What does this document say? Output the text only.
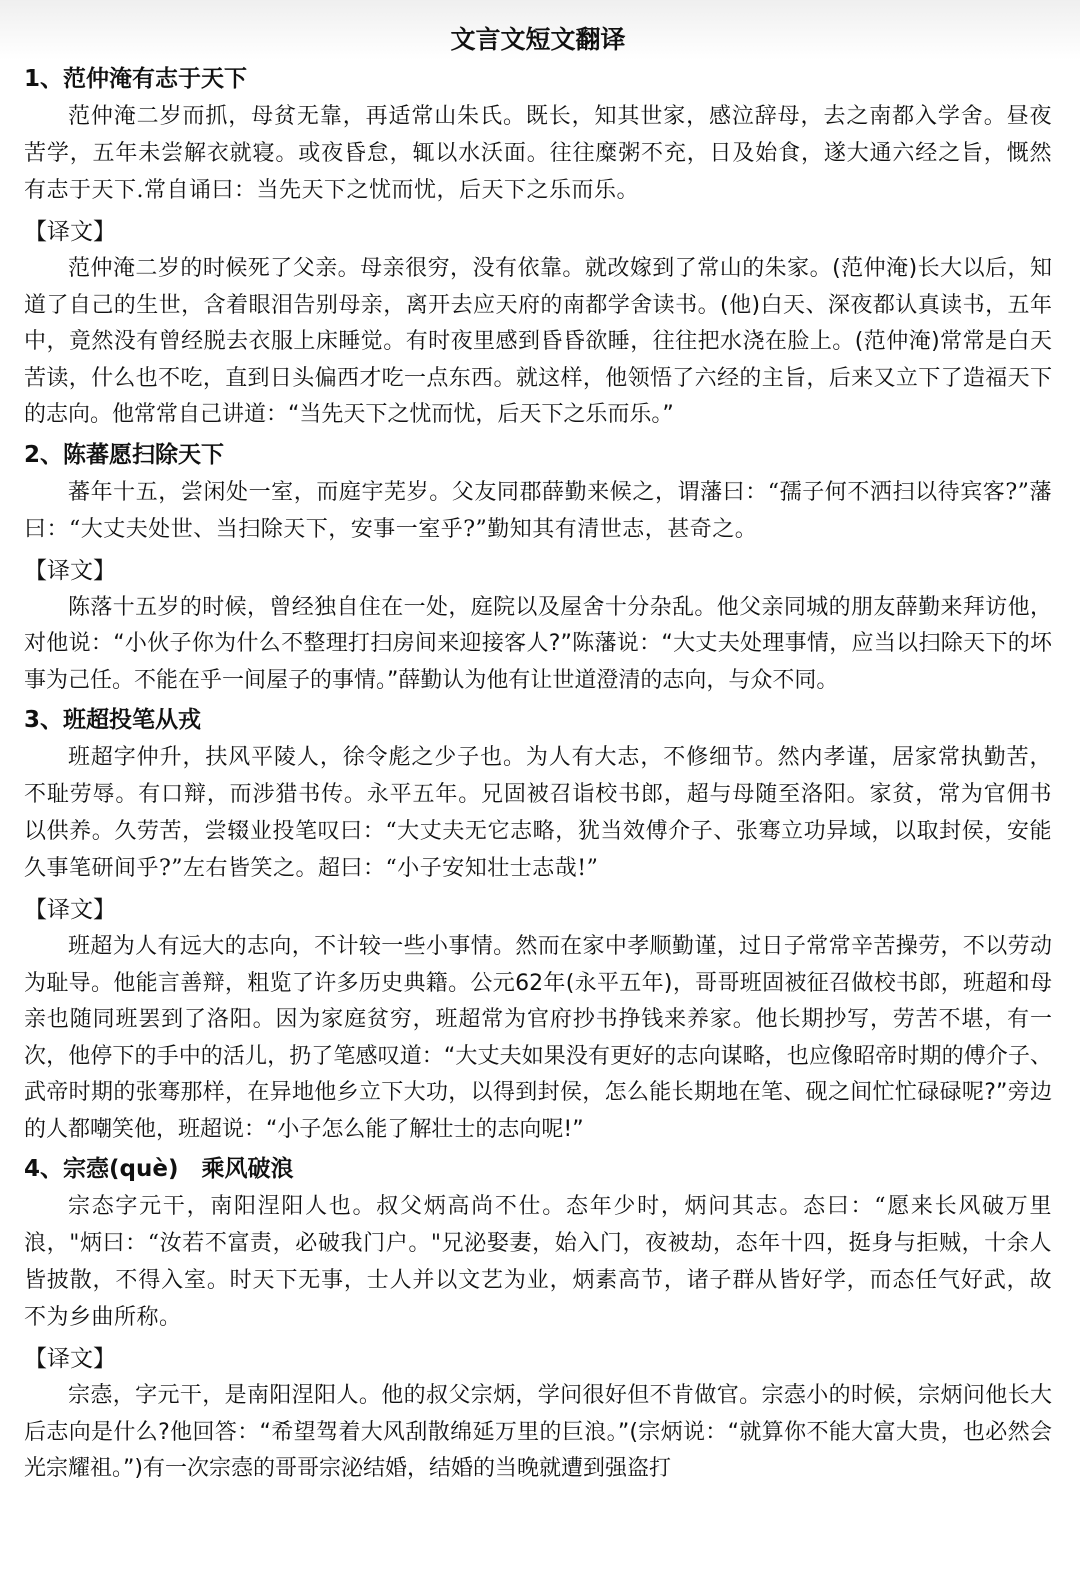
文言文短文翻译
1、范仲淹有志于天下

范仲淹二岁而抓，母贫无靠，再适常山朱氏。既长，知其世家，感泣辞母，去之南都入学舍。昼夜苦学，五年未尝解衣就寝。或夜昏怠，辄以水沃面。往往糜粥不充，日及始食，遂大通六经之旨，慨然有志于天下.常自诵曰：当先天下之忧而忧，后天下之乐而乐。

【译文】

范仲淹二岁的时候死了父亲。母亲很穷，没有依靠。就改嫁到了常山的朱家。(范仲淹)长大以后，知道了自己的生世，含着眼泪告别母亲，离开去应天府的南都学舍读书。(他)白天、深夜都认真读书，五年中，竟然没有曾经脱去衣服上床睡觉。有时夜里感到昏昏欲睡，往往把水浇在脸上。(范仲淹)常常是白天苦读，什么也不吃，直到日头偏西才吃一点东西。就这样，他领悟了六经的主旨，后来又立下了造福天下的志向。他常常自己讲道：“当先天下之忧而忧，后天下之乐而乐。”

2、陈蕃愿扫除天下

蕃年十五，尝闲处一室，而庭宇芜岁。父友同郡薛勤来候之，谓藩曰：“孺子何不洒扫以待宾客?”藩曰：“大丈夫处世、当扫除天下，安事一室乎?”勤知其有清世志，甚奇之。

【译文】

陈落十五岁的时候，曾经独自住在一处，庭院以及屋舍十分杂乱。他父亲同城的朋友薛勤来拜访他，对他说：“小伙子你为什么不整理打扫房间来迎接客人?”陈藩说：“大丈夫处理事情，应当以扫除天下的坏事为己任。不能在乎一间屋子的事情。”薛勤认为他有让世道澄清的志向，与众不同。

3、班超投笔从戎

班超字仲升，扶风平陵人，徐令彪之少子也。为人有大志，不修细节。然内孝谨，居家常执勤苦，不耻劳辱。有口辩，而涉猎书传。永平五年。兄固被召诣校书郎，超与母随至洛阳。家贫，常为官佣书以供养。久劳苦，尝辍业投笔叹曰：“大丈夫无它志略，犹当效傅介子、张骞立功异域，以取封侯，安能久事笔研间乎?”左右皆笑之。超曰：“小子安知壮士志哉!”

【译文】

班超为人有远大的志向，不计较一些小事情。然而在家中孝顺勤谨，过日子常常辛苦操劳，不以劳动为耻导。他能言善辩，粗览了许多历史典籍。公元62年(永平五年)，哥哥班固被征召做校书郎，班超和母亲也随同班罢到了洛阳。因为家庭贫穷，班超常为官府抄书挣钱来养家。他长期抄写，劳苦不堪，有一次，他停下的手中的活儿，扔了笔感叹道：“大丈夫如果没有更好的志向谋略，也应像昭帝时期的傅介子、武帝时期的张骞那样，在异地他乡立下大功，以得到封侯，怎么能长期地在笔、砚之间忙忙碌碌呢?”旁边的人都嘲笑他，班超说：“小子怎么能了解壮士的志向呢!”

4、宗悫(què)　乘风破浪

宗态字元干，南阳涅阳人也。叔父炳高尚不仕。态年少时，炳问其志。态曰：“愿来长风破万里浪，"炳曰：“汝若不富责，必破我门户。"兄泌娶妻，始入门，夜被劫，态年十四，挺身与拒贼，十余人皆披散，不得入室。时天下无事，士人并以文艺为业，炳素高节，诸子群从皆好学，而态任气好武，故不为乡曲所称。

【译文】

宗悫，字元干，是南阳涅阳人。他的叔父宗炳，学问很好但不肯做官。宗悫小的时候，宗炳问他长大后志向是什么?他回答：“希望驾着大风刮散绵延万里的巨浪。”(宗炳说：“就算你不能大富大贵，也必然会光宗耀祖。”)有一次宗悫的哥哥宗泌结婚，结婚的当晚就遭到强盗打
